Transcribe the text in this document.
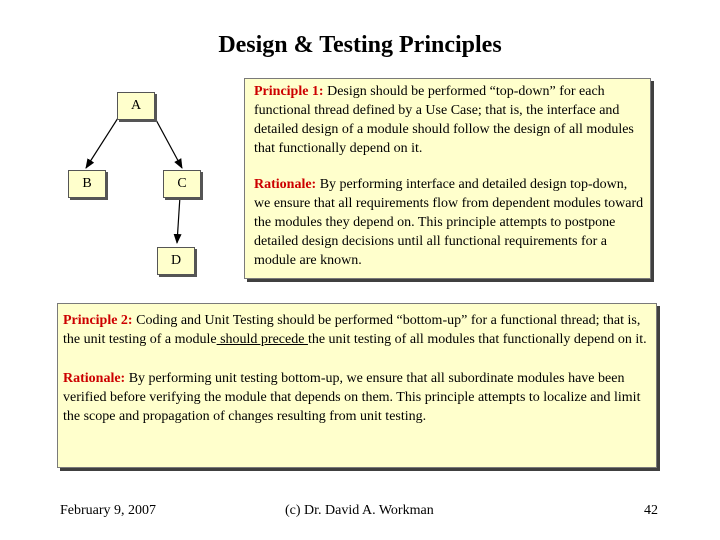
Design & Testing Principles
A
B	C
D

Principle 1: Design should be performed “top-down” for each functional thread defined by a Use Case; that is, the interface and detailed design of a module should follow the design of all modules that functionally depend on it.

Rationale: By performing interface and detailed design top-down, we ensure that all requirements flow from dependent modules toward the modules they depend on. This principle attempts to postpone detailed design decisions until all functional requirements for a module are known.

Principle 2: Coding and Unit Testing should be performed “bottom-up” for a functional thread; that is, the unit testing of a module should precede the unit testing of all modules that functionally depend on it.

Rationale: By performing unit testing bottom-up, we ensure that all subordinate modules have been verified before verifying the module that depends on them. This principle attempts to localize and limit the scope and propagation of changes resulting from unit testing.

February 9, 2007	(c) Dr. David A. Workman	42
